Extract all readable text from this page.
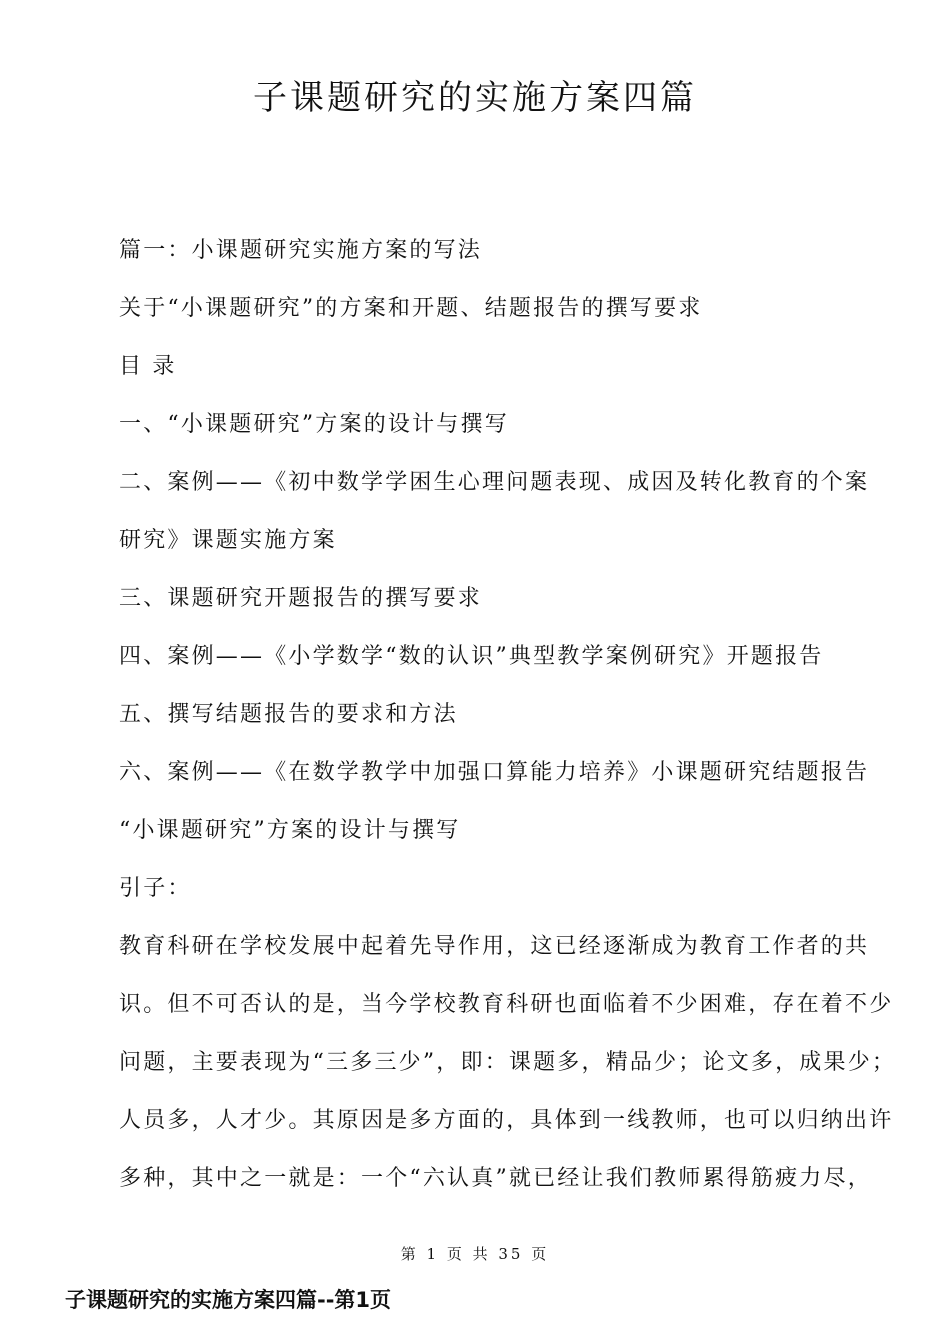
子课题研究的实施方案四篇
篇一：小课题研究实施方案的写法
关于“小课题研究”的方案和开题、结题报告的撰写要求
目 录
一、“小课题研究”方案的设计与撰写
二、案例——《初中数学学困生心理问题表现、成因及转化教育的个案
研究》课题实施方案
三、课题研究开题报告的撰写要求
四、案例——《小学数学“数的认识”典型教学案例研究》开题报告
五、撰写结题报告的要求和方法
六、案例——《在数学教学中加强口算能力培养》小课题研究结题报告
“小课题研究”方案的设计与撰写
引子：
教育科研在学校发展中起着先导作用，这已经逐渐成为教育工作者的共
识。但不可否认的是，当今学校教育科研也面临着不少困难，存在着不少
问题，主要表现为“三多三少”，即：课题多，精品少；论文多，成果少；
人员多，人才少。其原因是多方面的，具体到一线教师，也可以归纳出许
多种，其中之一就是：一个“六认真”就已经让我们教师累得筋疲力尽，
第 1 页 共 35 页
子课题研究的实施方案四篇--第1页
